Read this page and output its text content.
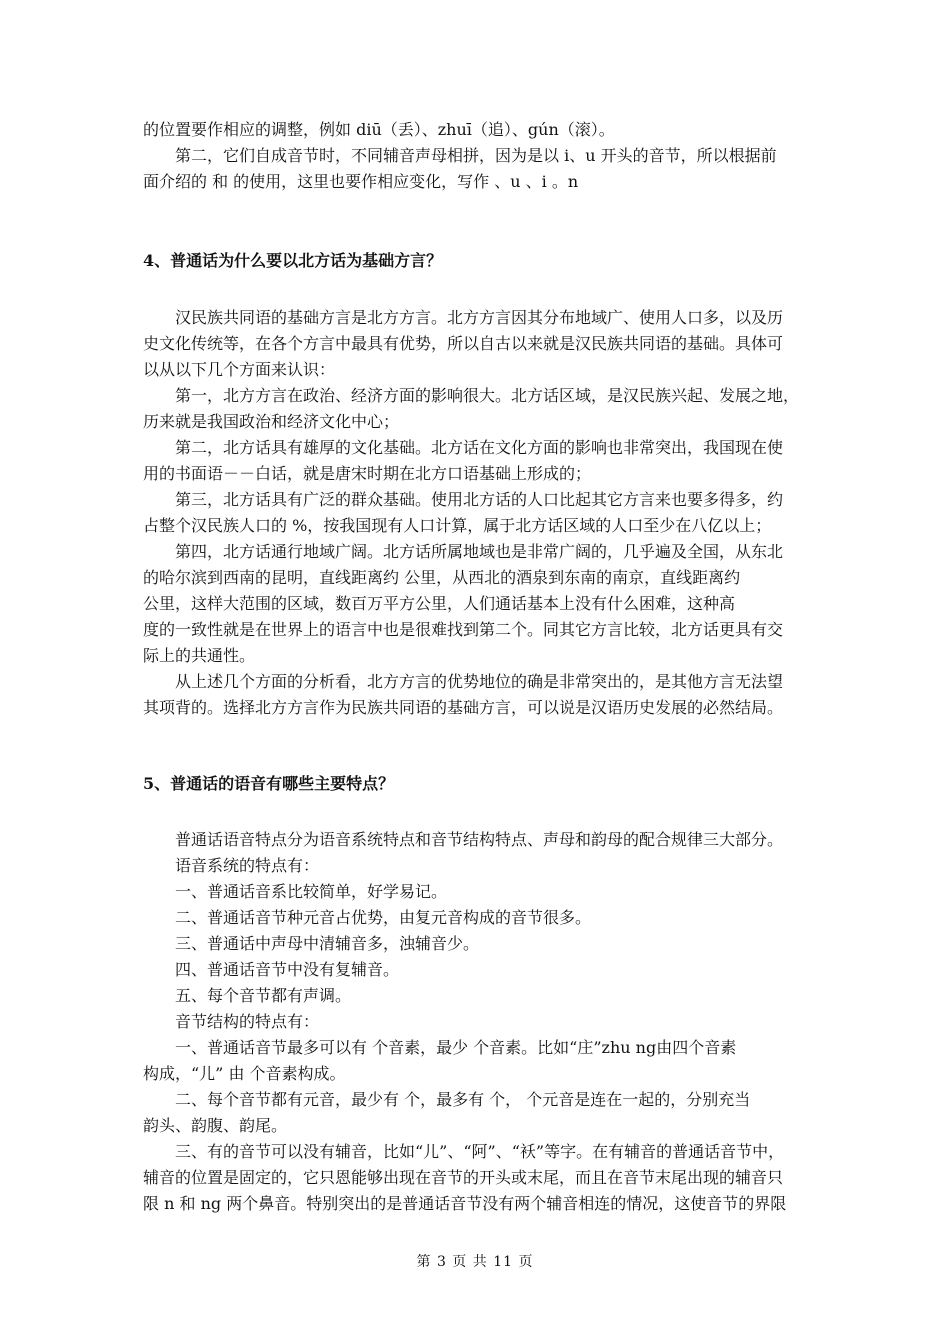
的位置要作相应的调整，例如 diū（丢）、zhuī（追）、gún（滚）。
第二，它们自成音节时，不同辅音声母相拼，因为是以 i、u 开头的音节，所以根据前
面介绍的 和 的使用，这里也要作相应变化，写作 、u 、i 。n
4、普通话为什么要以北方话为基础方言？
汉民族共同语的基础方言是北方方言。北方方言因其分布地域广、使用人口多，以及历
史文化传统等，在各个方言中最具有优势，所以自古以来就是汉民族共同语的基础。具体可
以从以下几个方面来认识：
第一，北方方言在政治、经济方面的影响很大。北方话区域，是汉民族兴起、发展之地，
历来就是我国政治和经济文化中心；
第二，北方话具有雄厚的文化基础。北方话在文化方面的影响也非常突出，我国现在使
用的书面语－－白话，就是唐宋时期在北方口语基础上形成的；
第三，北方话具有广泛的群众基础。使用北方话的人口比起其它方言来也要多得多，约
占整个汉民族人口的 %，按我国现有人口计算，属于北方话区域的人口至少在八亿以上；
第四，北方话通行地域广阔。北方话所属地域也是非常广阔的，几乎遍及全国，从东北
的哈尔滨到西南的昆明，直线距离约 公里，从西北的酒泉到东南的南京，直线距离约
公里，这样大范围的区域，数百万平方公里，人们通话基本上没有什么困难，这种高
度的一致性就是在世界上的语言中也是很难找到第二个。同其它方言比较，北方话更具有交
际上的共通性。
从上述几个方面的分析看，北方方言的优势地位的确是非常突出的，是其他方言无法望
其项背的。选择北方方言作为民族共同语的基础方言，可以说是汉语历史发展的必然结局。
5、普通话的语音有哪些主要特点？
普通话语音特点分为语音系统特点和音节结构特点、声母和韵母的配合规律三大部分。
语音系统的特点有：
一、普通话音系比较简单，好学易记。
二、普通话音节种元音占优势，由复元音构成的音节很多。
三、普通话中声母中清辅音多，浊辅音少。
四、普通话音节中没有复辅音。
五、每个音节都有声调。
音节结构的特点有：
一、普通话音节最多可以有 个音素，最少 个音素。比如“庄”zhu ng由四个音素
构成，“儿” 由 个音素构成。
二、每个音节都有元音，最少有 个，最多有 个， 个元音是连在一起的，分别充当
韵头、韵腹、韵尾。
三、有的音节可以没有辅音，比如“儿”、“阿”、“袄”等字。在有辅音的普通话音节中，
辅音的位置是固定的，它只恩能够出现在音节的开头或末尾，而且在音节末尾出现的辅音只
限 n 和 ng 两个鼻音。特别突出的是普通话音节没有两个辅音相连的情况，这使音节的界限
第 3 页 共 11 页
